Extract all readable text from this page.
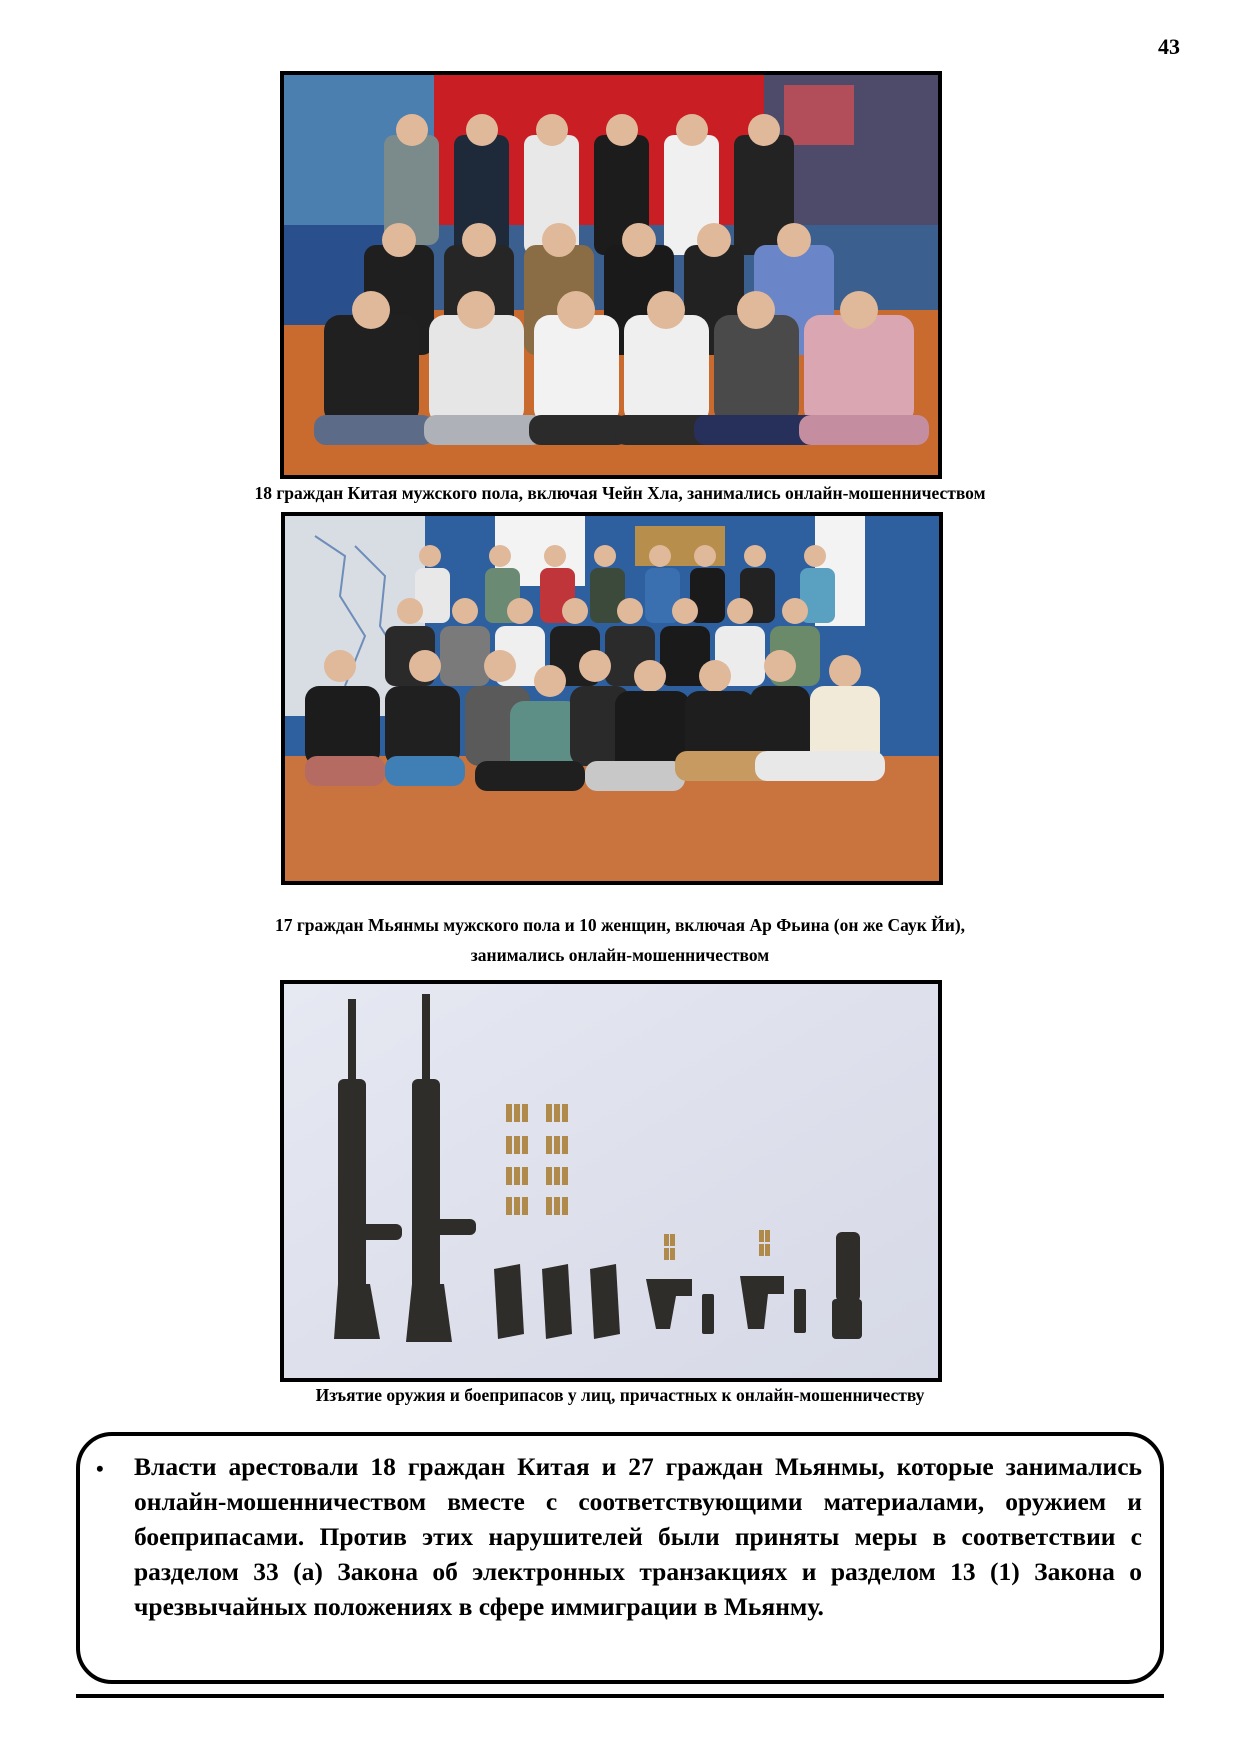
43
18 граждан Китая мужского пола, включая Чейн Хла, занимались онлайн-мошенничеством
17 граждан Мьянмы мужского пола и 10 женщин, включая Ар Фьина (он же Саук Йи),
занимались онлайн-мошенничеством
Изъятие оружия и боеприпасов у лиц, причастных к онлайн-мошенничеству
• Власти арестовали 18 граждан Китая и 27 граждан Мьянмы, которые занимались онлайн-мошенничеством вместе с соответствующими материалами, оружием и боеприпасами. Против этих нарушителей были приняты меры в соответствии с разделом 33 (а) Закона об электронных транзакциях и разделом 13 (1) Закона о чрезвычайных положениях в сфере иммиграции в Мьянму.
